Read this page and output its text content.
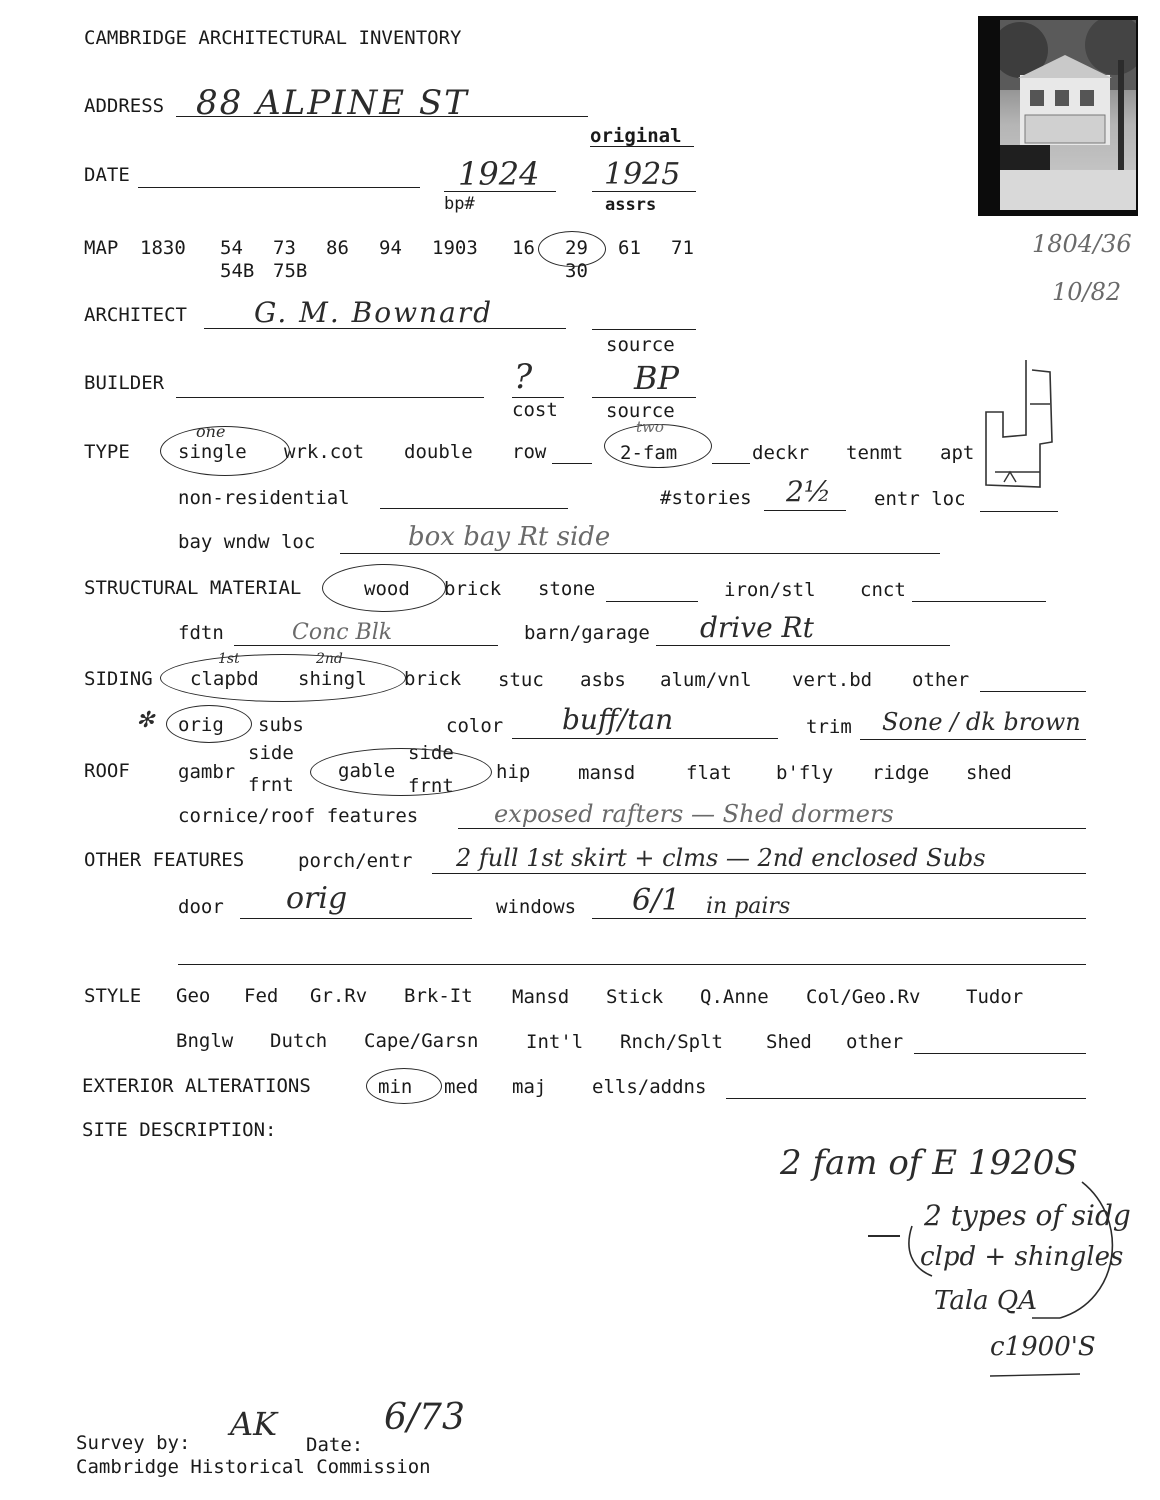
CAMBRIDGE ARCHITECTURAL INVENTORY
ADDRESS 88 ALPINE ST
original
DATE	1924 1925
bp#	assrs
1804/36
10/82
MAP 1830 54 73 86 94 1903 16 29 61 71
54B 75B	30
ARCHITECT G. M. Bownard
source
BUILDER	?
cost
BP
source
TYPE	single wrk.cot double row	2-fam	deckr tenmt apt
one	two
non-residential	#stories 2½ entr loc
bay wndw loc	box bay Rt side
STRUCTURAL MATERIAL	wood brick stone	iron/stl cnct
fdtn	Conc Blk	barn/garage drive Rt
SIDING clapbd shingl brick stuc asbs alum/vnl vert.bd other
1st	2nd
✻ orig subs	color buff/tan	trim Sone / dk brown
ROOF	gambr
side
frnt
gable
side
frnt
hip	mansd	flat b'fly ridge shed
cornice/roof features	exposed rafters — Shed dormers
OTHER FEATURES	porch/entr 2 full 1st skirt + clms — 2nd enclosed Subs
door orig	windows 6/1 in pairs
STYLE Geo Fed Gr.Rv Brk-It Mansd Stick Q.Anne Col/Geo.Rv Tudor
Bnglw Dutch Cape/Garsn	Int'l Rnch/Splt Shed other
EXTERIOR ALTERATIONS	min med maj ells/addns
SITE DESCRIPTION:
2 fam of E 1920S
2 types of sidg
clpd + shingles
Tala QA
c1900'S
Survey by: AK
Date:
6/73
Cambridge Historical Commission
